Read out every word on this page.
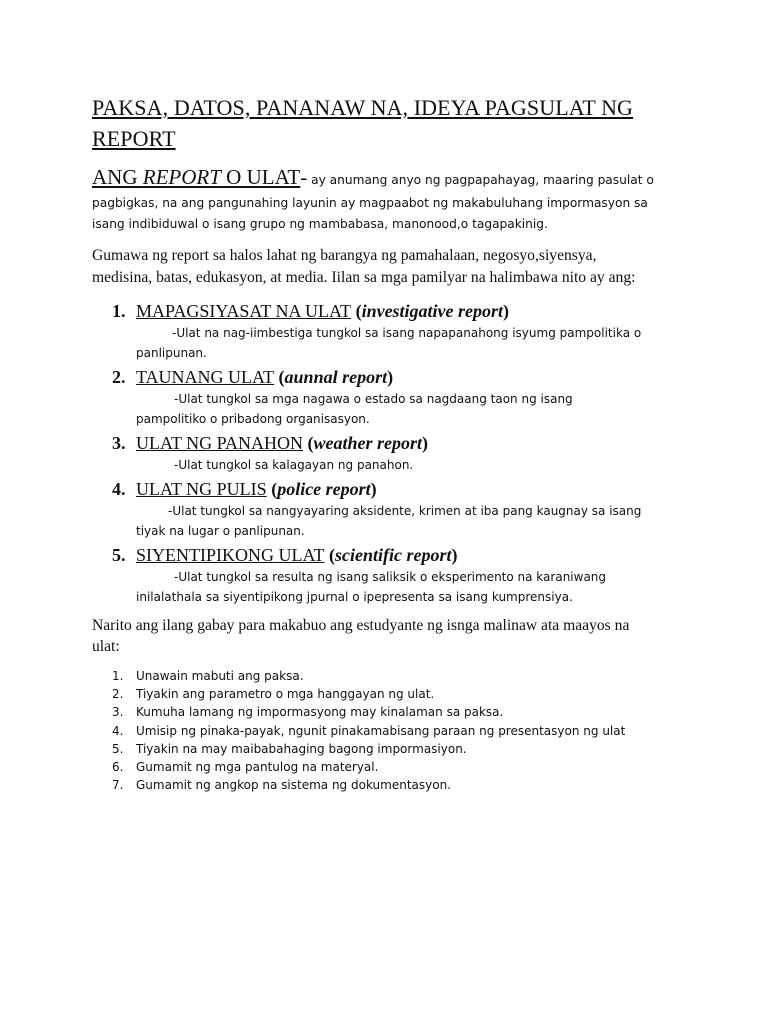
PAKSA, DATOS, PANANAW NA, IDEYA PAGSULAT NG
REPORT
ANG REPORT O ULAT- ay anumang anyo ng pagpapahayag, maaring pasulat o
pagbigkas, na ang pangunahing layunin ay magpaabot ng makabuluhang impormasyon sa
isang indibiduwal o isang grupo ng mambabasa, manonood,o tagapakinig.
Gumawa ng report sa halos lahat ng barangya ng pamahalaan, negosyo,siyensya,
medisina, batas, edukasyon, at media. Iilan sa mga pamilyar na halimbawa nito ay ang:
1. MAPAGSIYASAT NA ULAT (investigative report)
-Ulat na nag-iimbestiga tungkol sa isang napapanahong isyumg pampolitika o
panlipunan.
2. TAUNANG ULAT (aunnal report)
-Ulat tungkol sa mga nagawa o estado sa nagdaang taon ng isang
pampolitiko o pribadong organisasyon.
3. ULAT NG PANAHON (weather report)
-Ulat tungkol sa kalagayan ng panahon.
4. ULAT NG PULIS (police report)
-Ulat tungkol sa nangyayaring aksidente, krimen at iba pang kaugnay sa isang
tiyak na lugar o panlipunan.
5. SIYENTIPIKONG ULAT (scientific report)
-Ulat tungkol sa resulta ng isang saliksik o eksperimento na karaniwang
inilalathala sa siyentipikong jpurnal o ipepresenta sa isang kumprensiya.
Narito ang ilang gabay para makabuo ang estudyante ng isnga malinaw ata maayos na
ulat:
1. Unawain mabuti ang paksa.
2. Tiyakin ang parametro o mga hanggayan ng ulat.
3. Kumuha lamang ng impormasyong may kinalaman sa paksa.
4. Umisip ng pinaka-payak, ngunit pinakamabisang paraan ng presentasyon ng ulat
5. Tiyakin na may maibabahaging bagong impormasiyon.
6. Gumamit ng mga pantulog na materyal.
7. Gumamit ng angkop na sistema ng dokumentasyon.
